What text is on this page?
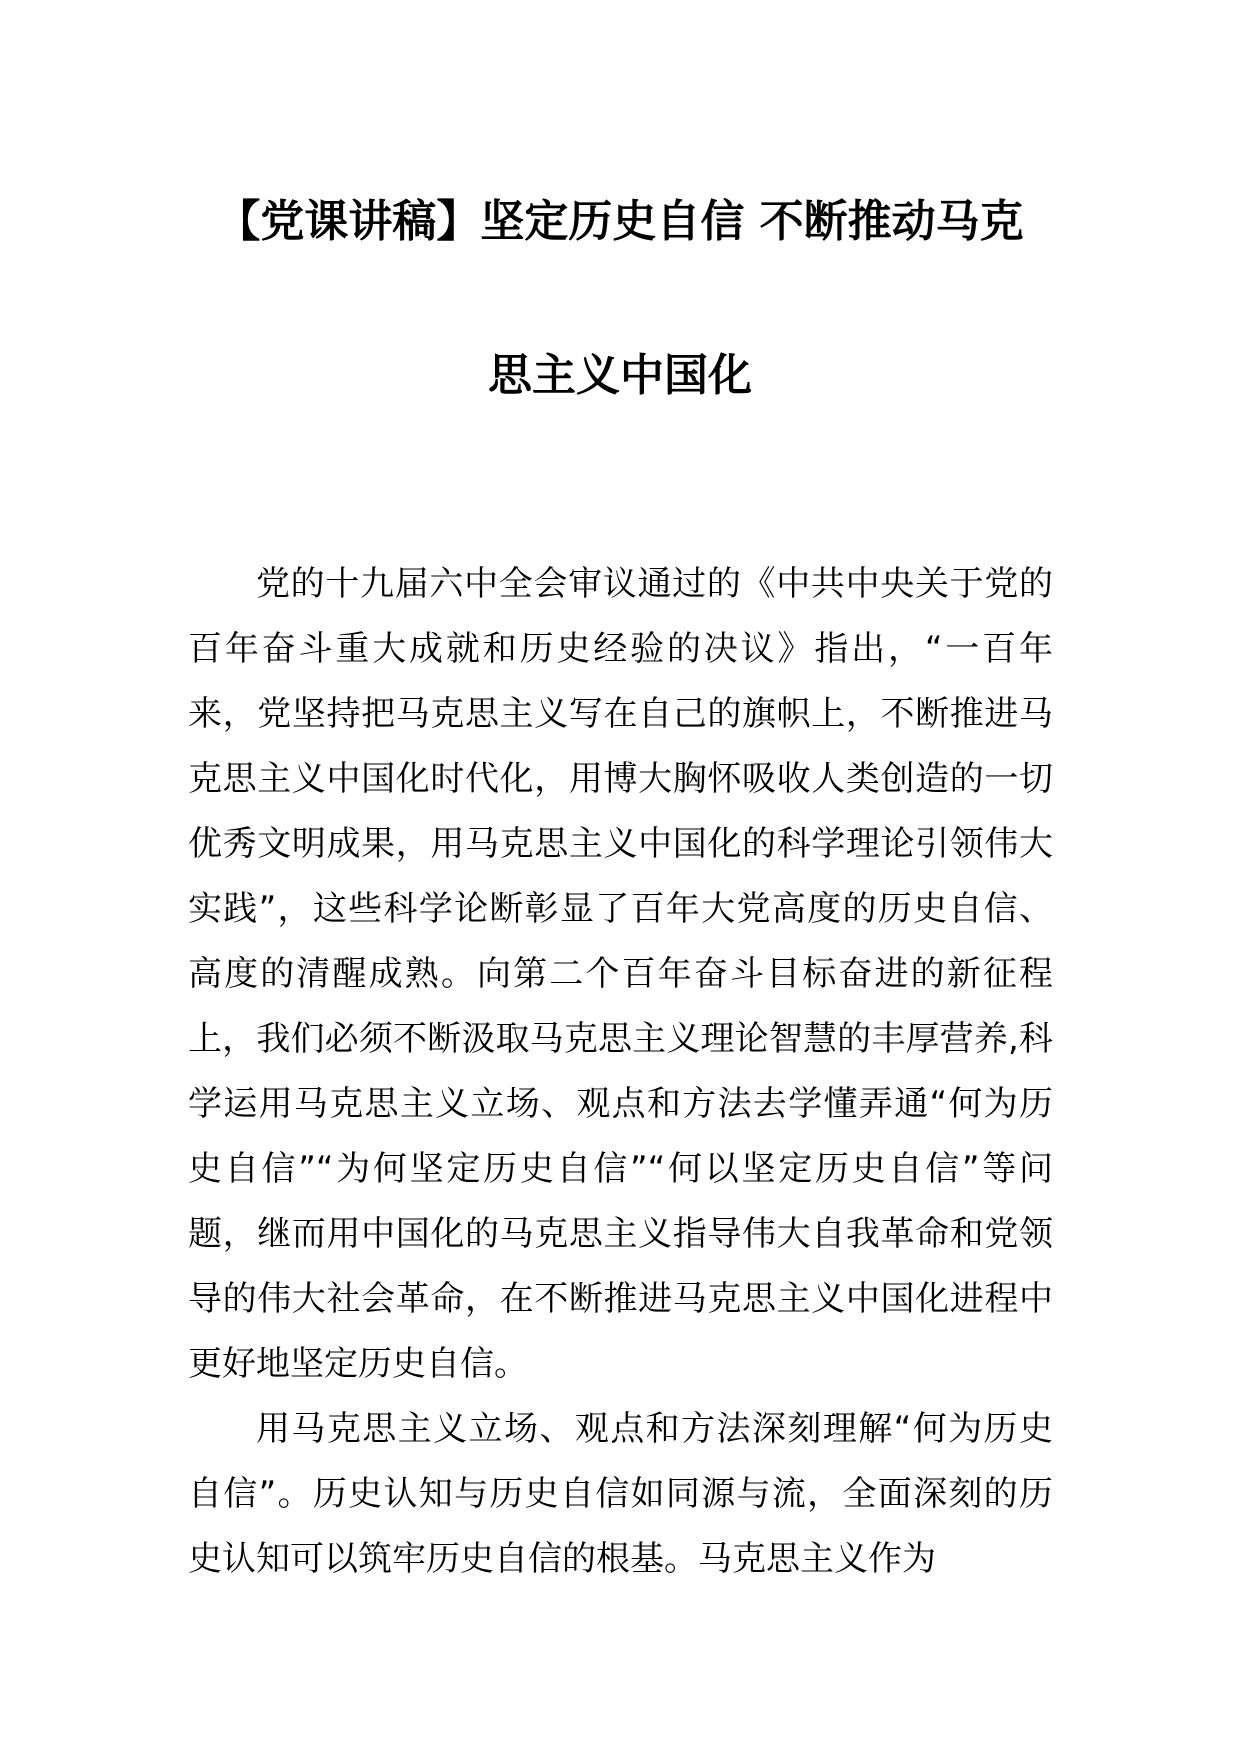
【党课讲稿】坚定历史自信 不断推动马克
思主义中国化

党的十九届六中全会审议通过的《中共中央关于党的百年奋斗重大成就和历史经验的决议》指出，“一百年来，党坚持把马克思主义写在自己的旗帜上，不断推进马克思主义中国化时代化，用博大胸怀吸收人类创造的一切优秀文明成果，用马克思主义中国化的科学理论引领伟大实践”，这些科学论断彰显了百年大党高度的历史自信、高度的清醒成熟。向第二个百年奋斗目标奋进的新征程上，我们必须不断汲取马克思主义理论智慧的丰厚营养,科学运用马克思主义立场、观点和方法去学懂弄通“何为历史自信”“为何坚定历史自信”“何以坚定历史自信”等问题，继而用中国化的马克思主义指导伟大自我革命和党领导的伟大社会革命，在不断推进马克思主义中国化进程中更好地坚定历史自信。

用马克思主义立场、观点和方法深刻理解“何为历史自信”。历史认知与历史自信如同源与流，全面深刻的历史认知可以筑牢历史自信的根基。马克思主义作为
